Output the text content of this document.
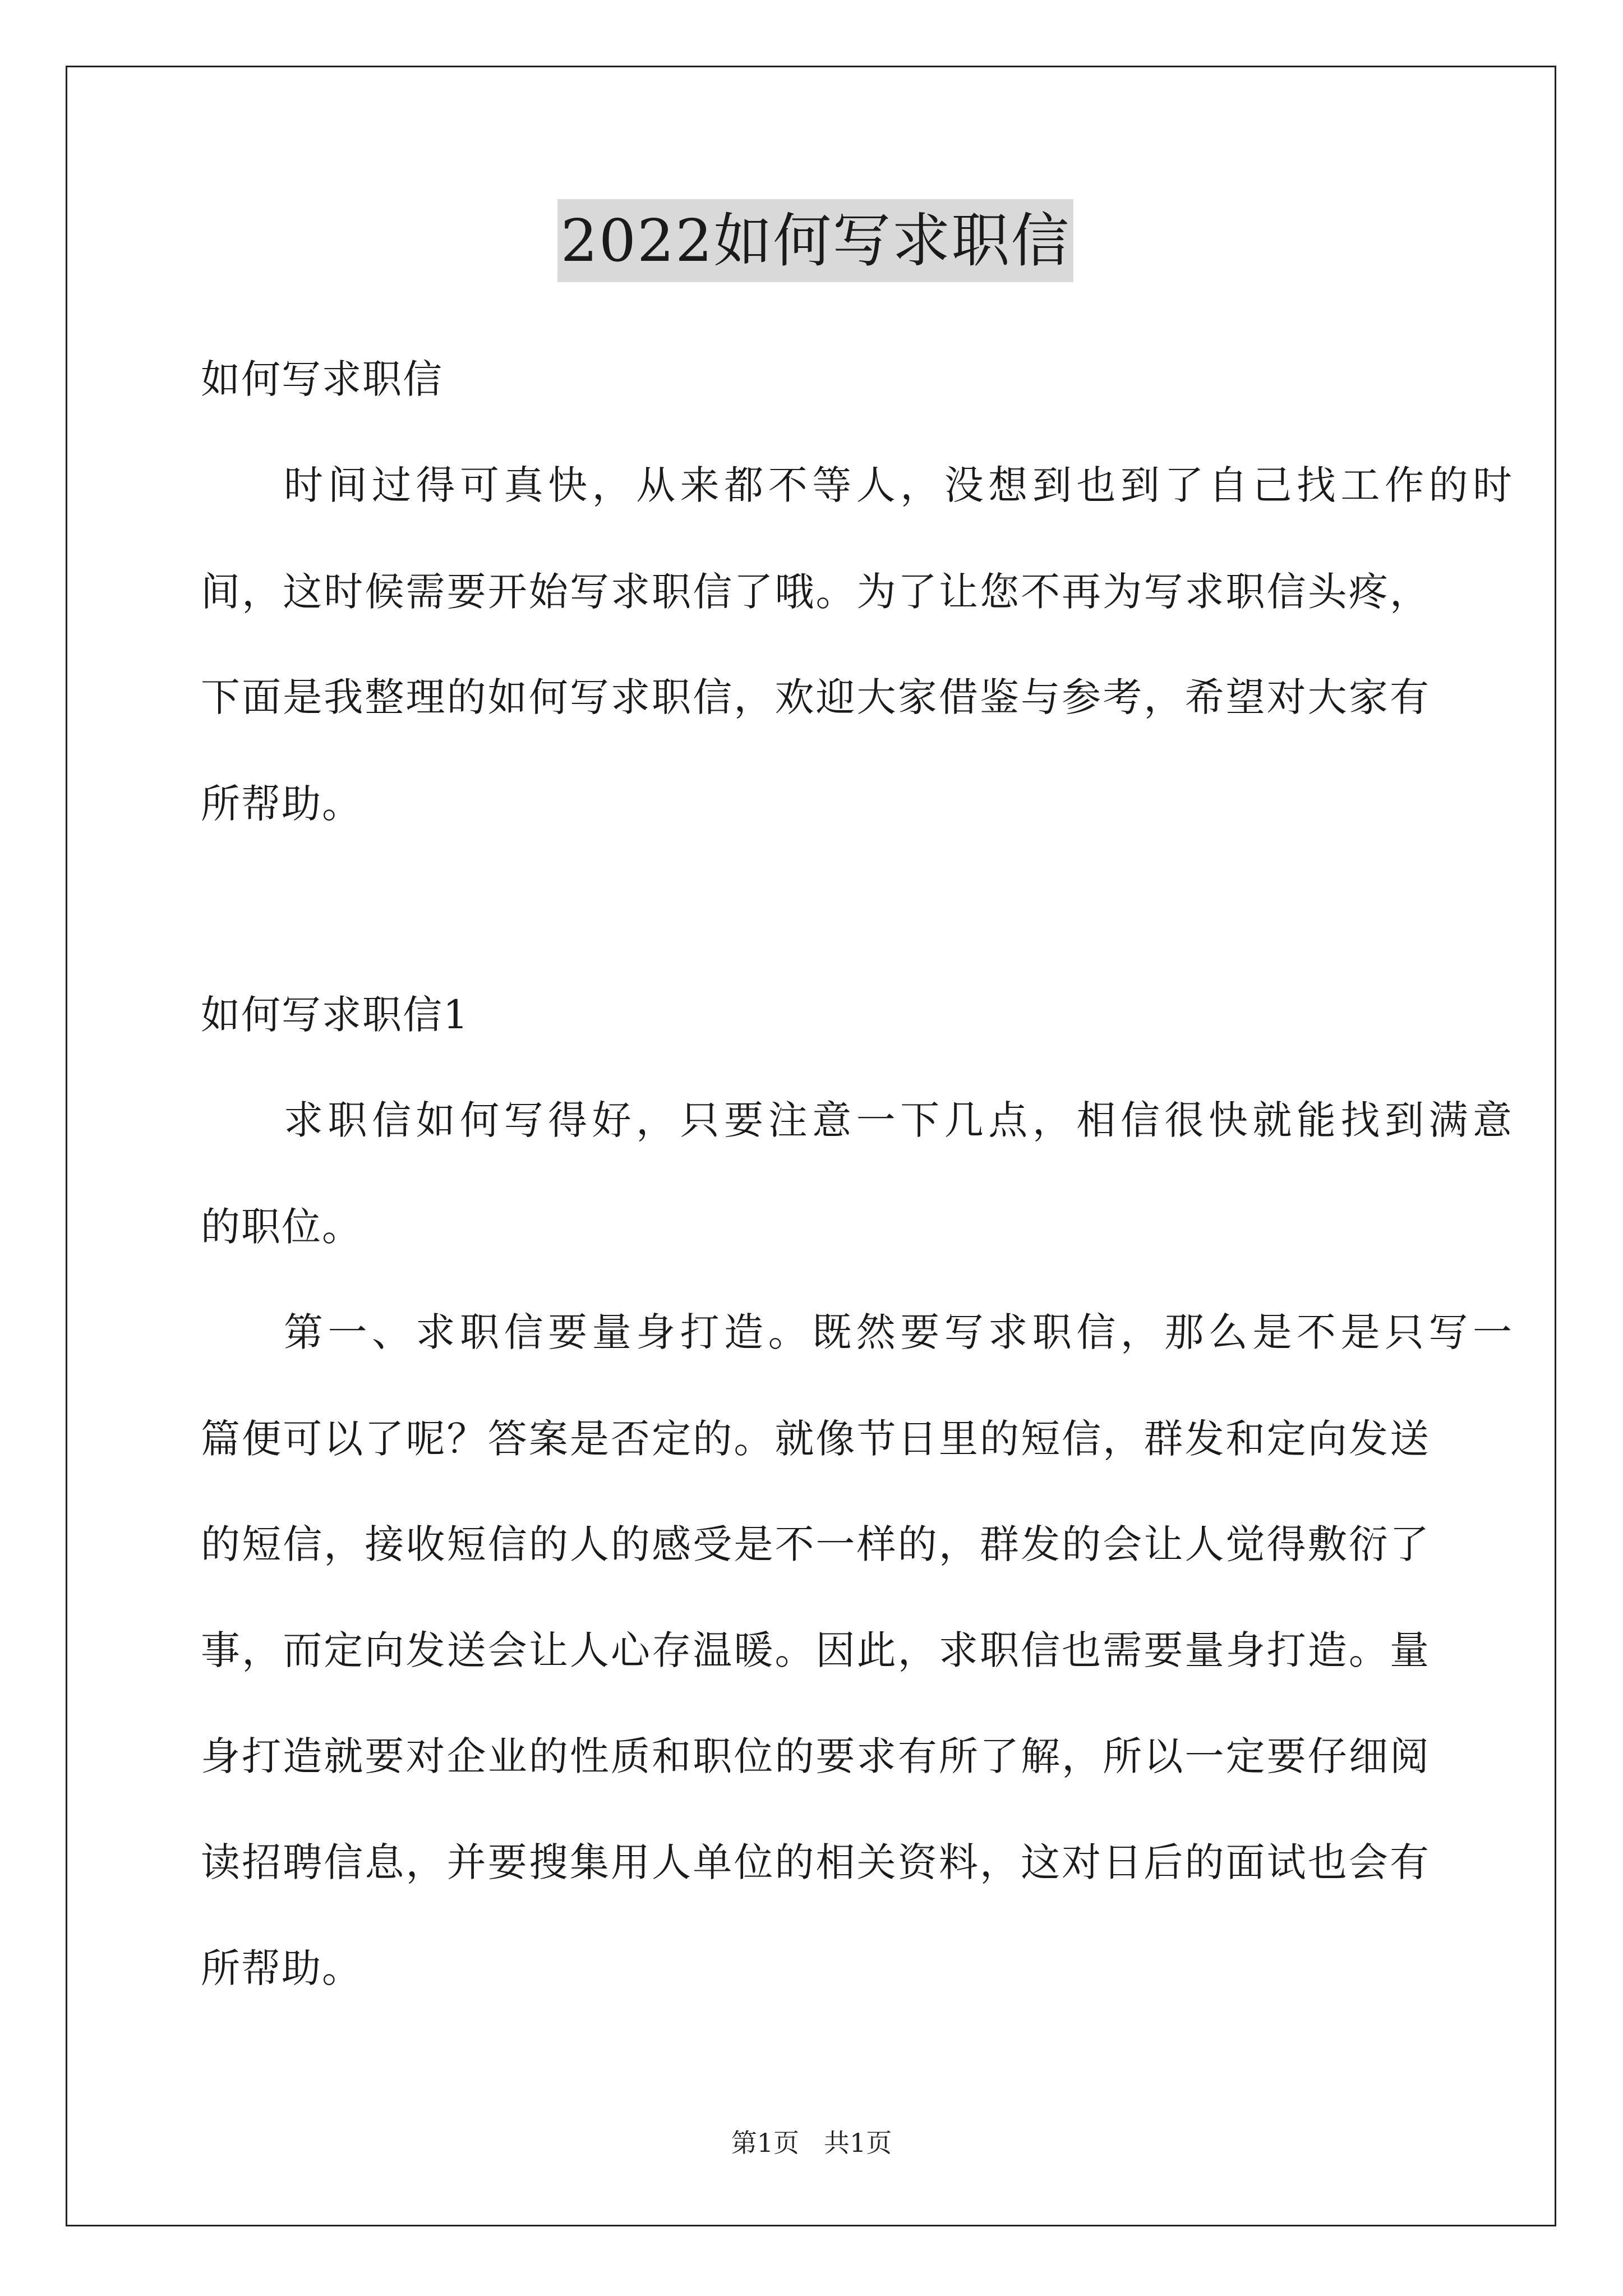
2022如何写求职信
如何写求职信
时间过得可真快，从来都不等人，没想到也到了自己找工作的时
间，这时候需要开始写求职信了哦。为了让您不再为写求职信头疼，
下面是我整理的如何写求职信，欢迎大家借鉴与参考，希望对大家有
所帮助。
如何写求职信1
求职信如何写得好，只要注意一下几点，相信很快就能找到满意
的职位。
第一、求职信要量身打造。既然要写求职信，那么是不是只写一
篇便可以了呢？答案是否定的。就像节日里的短信，群发和定向发送
的短信，接收短信的人的感受是不一样的，群发的会让人觉得敷衍了
事，而定向发送会让人心存温暖。因此，求职信也需要量身打造。量
身打造就要对企业的性质和职位的要求有所了解，所以一定要仔细阅
读招聘信息，并要搜集用人单位的相关资料，这对日后的面试也会有
所帮助。
第1页 共1页
